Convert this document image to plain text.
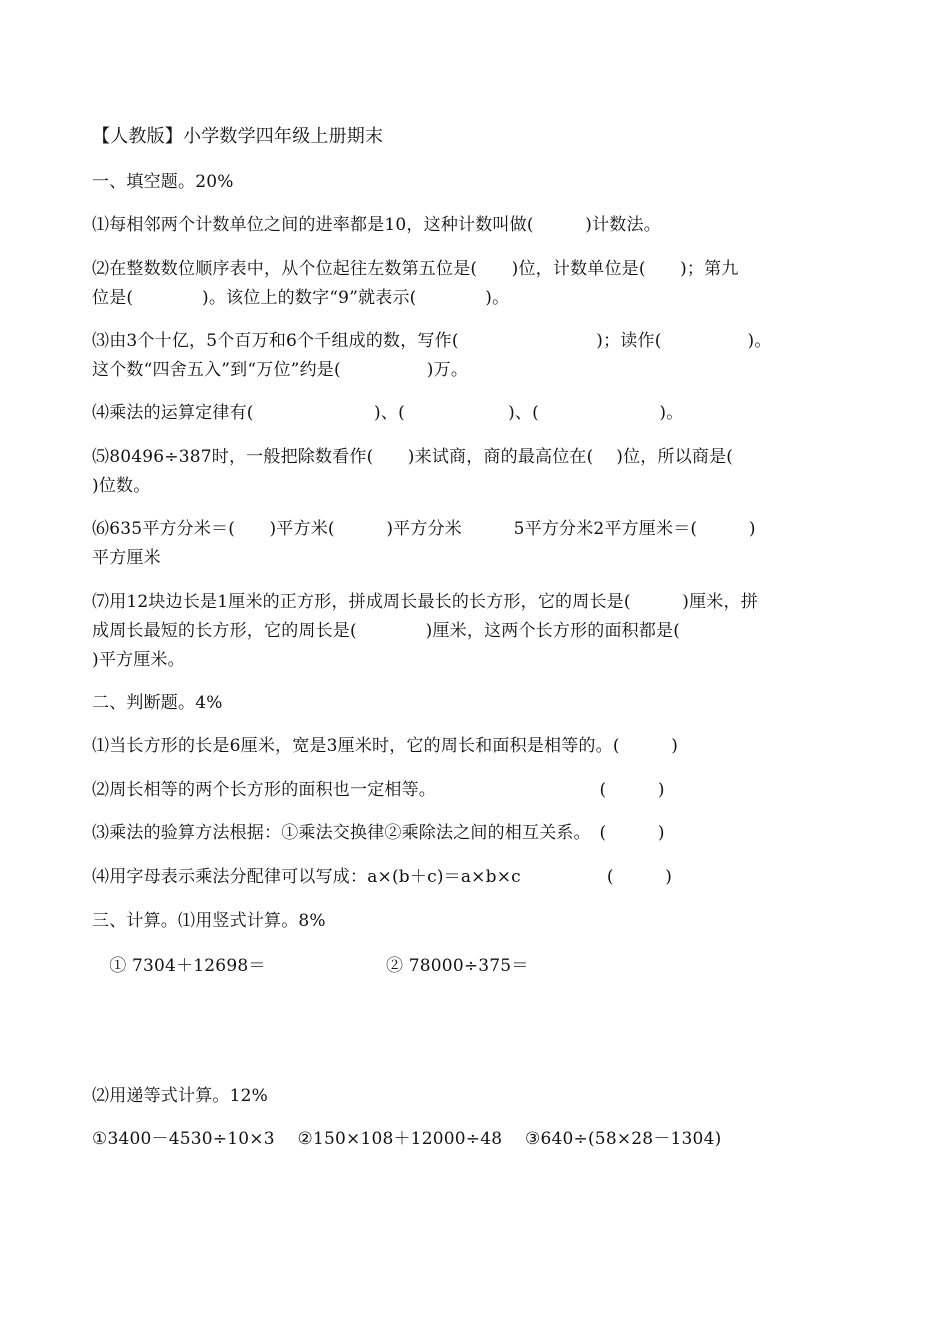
【人教版】小学数学四年级上册期末
一、填空题。20%
⑴每相邻两个计数单位之间的进率都是10，这种计数叫做(　　　)计数法。
⑵在整数数位顺序表中，从个位起往左数第五位是(　　)位，计数单位是(　　)；第九
位是(　　　　)。该位上的数字“9”就表示(　　　　)。
⑶由3个十亿，5个百万和6个千组成的数，写作(　　　　　　　　)；读作(　　　　　)。
这个数“四舍五入”到“万位”约是(　　　　　)万。
⑷乘法的运算定律有(　　　　　　　)、(　　　　　　)、(　　　　　　　)。
⑸80496÷387时，一般把除数看作(　　)来试商，商的最高位在(　 )位，所以商是(
)位数。
⑹635平方分米＝(　　)平方米(　　　)平方分米　　　5平方分米2平方厘米＝(　　　)
平方厘米
⑺用12块边长是1厘米的正方形，拼成周长最长的长方形，它的周长是(　　　)厘米，拼
成周长最短的长方形，它的周长是(　　　　)厘米，这两个长方形的面积都是(
)平方厘米。
二、判断题。4%
⑴当长方形的长是6厘米，宽是3厘米时，它的周长和面积是相等的。(　　　)
⑵周长相等的两个长方形的面积也一定相等。　　　　　　　　　　(　　　)
⑶乘法的验算方法根据：①乘法交换律②乘除法之间的相互关系。　(　　　)
⑷用字母表示乘法分配律可以写成：a×(b＋c)＝a×b×c　　　　　(　　　)
三、计算。⑴用竖式计算。8%
　① 7304＋12698＝　　　　　　　② 78000÷375＝
⑵用递等式计算。12%
①3400－4530÷10×3　 ②150×108＋12000÷48　 ③640÷(58×28－1304)
